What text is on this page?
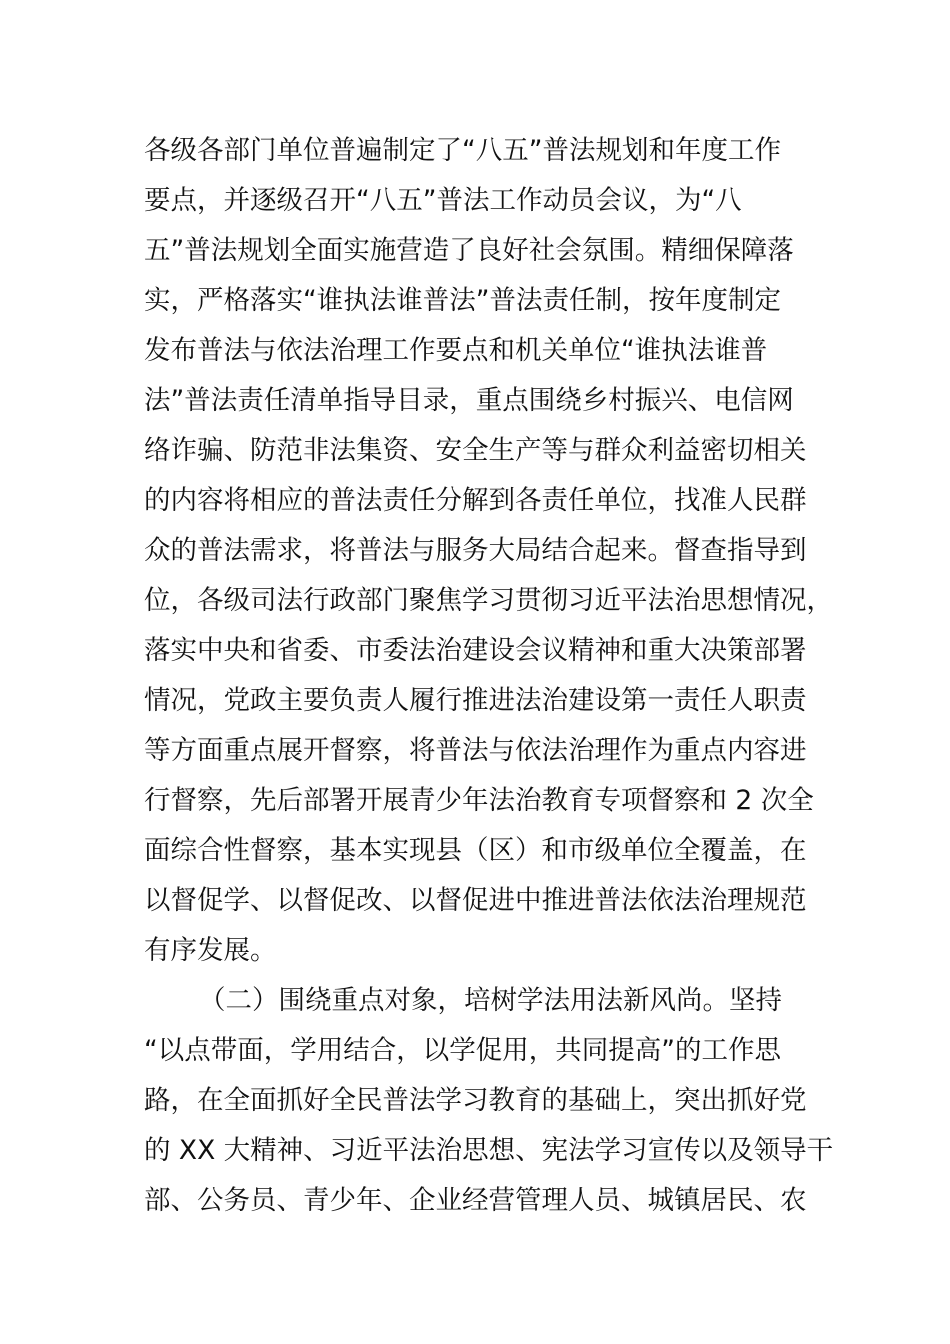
各级各部门单位普遍制定了“八五”普法规划和年度工作
要点，并逐级召开“八五”普法工作动员会议，为“八
五”普法规划全面实施营造了良好社会氛围。精细保障落
实，严格落实“谁执法谁普法”普法责任制，按年度制定
发布普法与依法治理工作要点和机关单位“谁执法谁普
法”普法责任清单指导目录，重点围绕乡村振兴、电信网
络诈骗、防范非法集资、安全生产等与群众利益密切相关
的内容将相应的普法责任分解到各责任单位，找准人民群
众的普法需求，将普法与服务大局结合起来。督查指导到
位，各级司法行政部门聚焦学习贯彻习近平法治思想情况，
落实中央和省委、市委法治建设会议精神和重大决策部署
情况，党政主要负责人履行推进法治建设第一责任人职责
等方面重点展开督察，将普法与依法治理作为重点内容进
行督察，先后部署开展青少年法治教育专项督察和 2 次全
面综合性督察，基本实现县（区）和市级单位全覆盖，在
以督促学、以督促改、以督促进中推进普法依法治理规范
有序发展。
（二）围绕重点对象，培树学法用法新风尚。坚持
“以点带面，学用结合，以学促用，共同提高”的工作思
路，在全面抓好全民普法学习教育的基础上，突出抓好党
的 XX 大精神、习近平法治思想、宪法学习宣传以及领导干
部、公务员、青少年、企业经营管理人员、城镇居民、农
